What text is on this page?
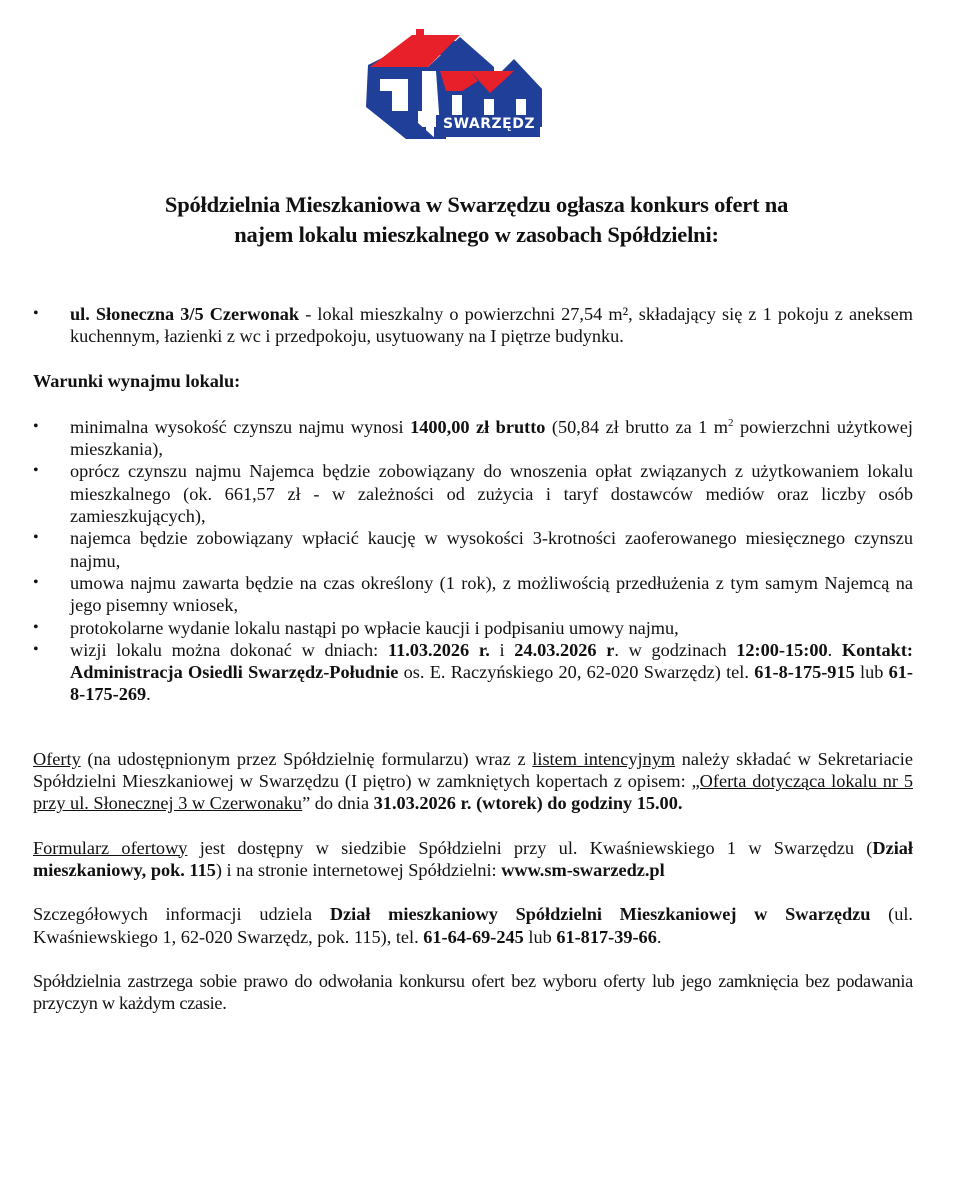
SWARZĘDZ
Spółdzielnia Mieszkaniowa w Swarzędzu ogłasza konkurs ofert na
najem lokalu mieszkalnego w zasobach Spółdzielni:
• ul. Słoneczna 3/5 Czerwonak - lokal mieszkalny o powierzchni 27,54 m², składający się z 1 pokoju z aneksem kuchennym, łazienki z wc i przedpokoju, usytuowany na I piętrze budynku.
Warunki wynajmu lokalu:
• minimalna wysokość czynszu najmu wynosi 1400,00 zł brutto (50,84 zł brutto za 1 $m^2$ powierzchni użytkowej mieszkania),
• oprócz czynszu najmu Najemca będzie zobowiązany do wnoszenia opłat związanych z użytkowaniem lokalu mieszkalnego (ok. 661,57 zł - w zależności od zużycia i taryf dostawców mediów oraz liczby osób zamieszkujących),
• najemca będzie zobowiązany wpłacić kaucję w wysokości 3-krotności zaoferowanego miesięcznego czynszu najmu,
• umowa najmu zawarta będzie na czas określony (1 rok), z możliwością przedłużenia z tym samym Najemcą na jego pisemny wniosek,
• protokolarne wydanie lokalu nastąpi po wpłacie kaucji i podpisaniu umowy najmu,
• wizji lokalu można dokonać w dniach: 11.03.2026 r. i 24.03.2026 r. w godzinach 12:00-15:00. Kontakt: Administracja Osiedli Swarzędz-Południe os. E. Raczyńskiego 20, 62-020 Swarzędz) tel. 61-8-175-915 lub 61-8-175-269.
Oferty (na udostępnionym przez Spółdzielnię formularzu) wraz z listem intencyjnym należy składać w Sekretariacie Spółdzielni Mieszkaniowej w Swarzędzu (I piętro) w zamkniętych kopertach z opisem: „Oferta dotycząca lokalu nr 5 przy ul. Słonecznej 3 w Czerwonaku” do dnia 31.03.2026 r. (wtorek) do godziny 15.00.
Formularz ofertowy jest dostępny w siedzibie Spółdzielni przy ul. Kwaśniewskiego 1 w Swarzędzu (Dział mieszkaniowy, pok. 115) i na stronie internetowej Spółdzielni: www.sm-swarzedz.pl
Szczegółowych informacji udziela Dział mieszkaniowy Spółdzielni Mieszkaniowej w Swarzędzu (ul. Kwaśniewskiego 1, 62-020 Swarzędz, pok. 115), tel. 61-64-69-245 lub 61-817-39-66.
Spółdzielnia zastrzega sobie prawo do odwołania konkursu ofert bez wyboru oferty lub jego zamknięcia bez podawania przyczyn w każdym czasie.
